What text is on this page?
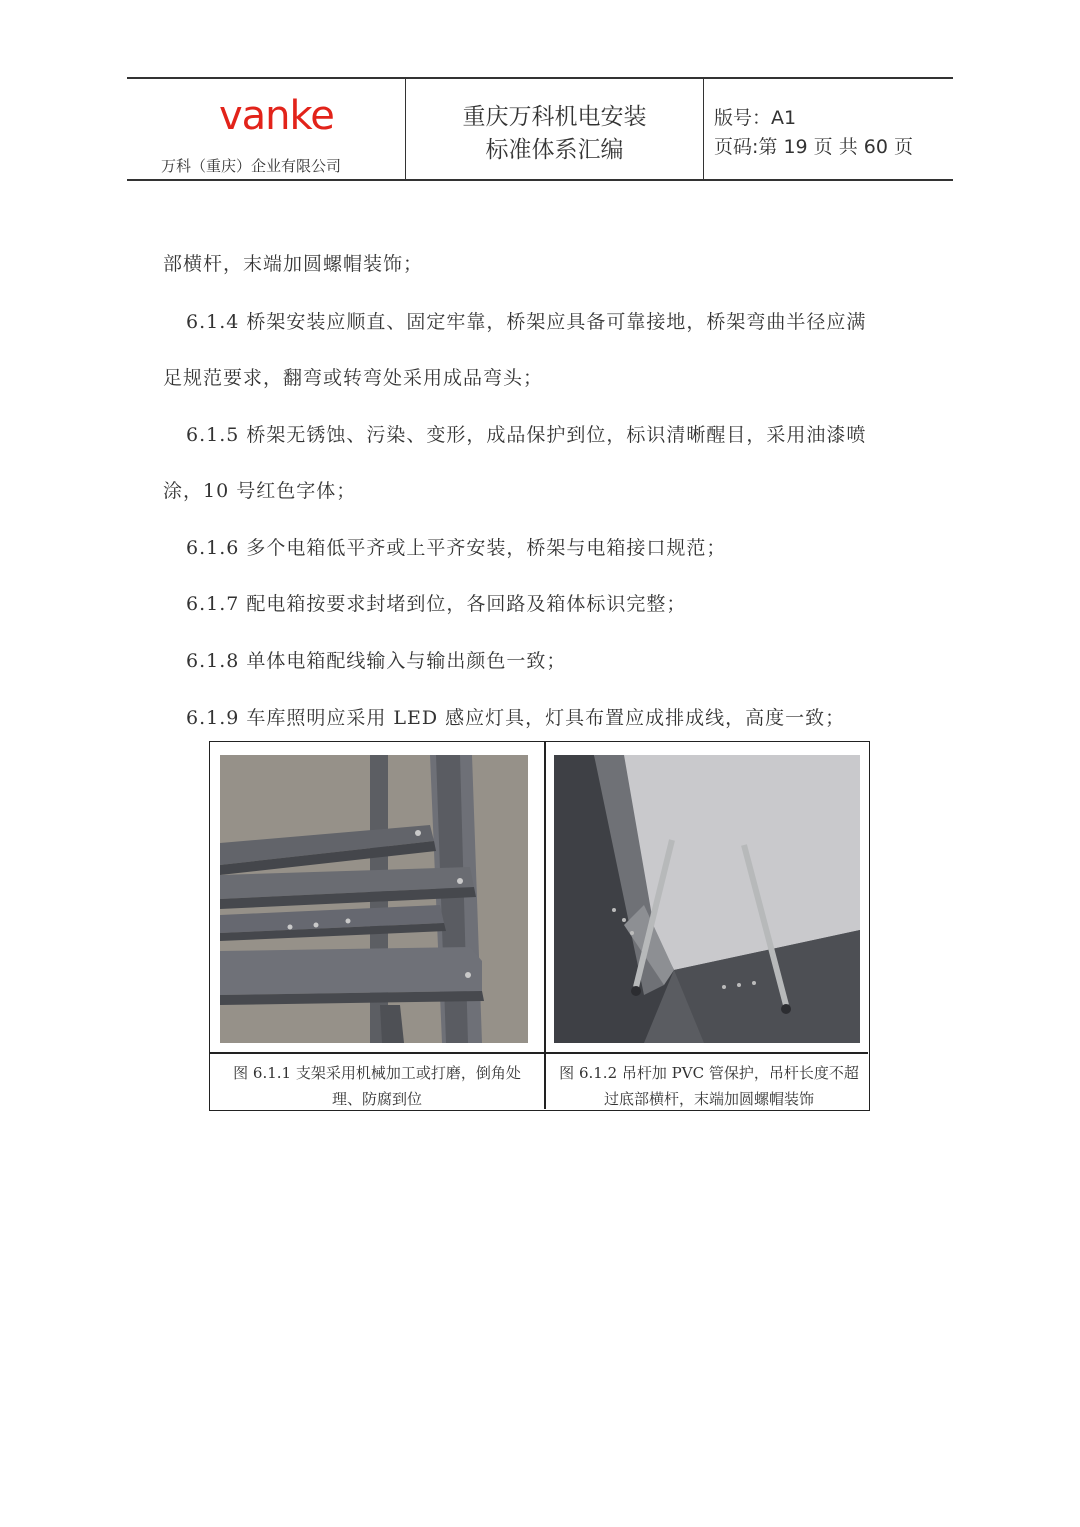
vanke
万科（重庆）企业有限公司
重庆万科机电安装
标准体系汇编
版号：A1
页码:第 19 页 共 60 页
部横杆，末端加圆螺帽装饰；
6.1.4 桥架安装应顺直、固定牢靠，桥架应具备可靠接地，桥架弯曲半径应满
足规范要求，翻弯或转弯处采用成品弯头；
6.1.5 桥架无锈蚀、污染、变形，成品保护到位，标识清晰醒目，采用油漆喷
涂，10 号红色字体；
6.1.6 多个电箱低平齐或上平齐安装，桥架与电箱接口规范；
6.1.7 配电箱按要求封堵到位，各回路及箱体标识完整；
6.1.8 单体电箱配线输入与输出颜色一致；
6.1.9 车库照明应采用 LED 感应灯具，灯具布置应成排成线，高度一致；
图 6.1.1 支架采用机械加工或打磨，倒角处
理、防腐到位
图 6.1.2 吊杆加 PVC 管保护，吊杆长度不超
过底部横杆，末端加圆螺帽装饰
